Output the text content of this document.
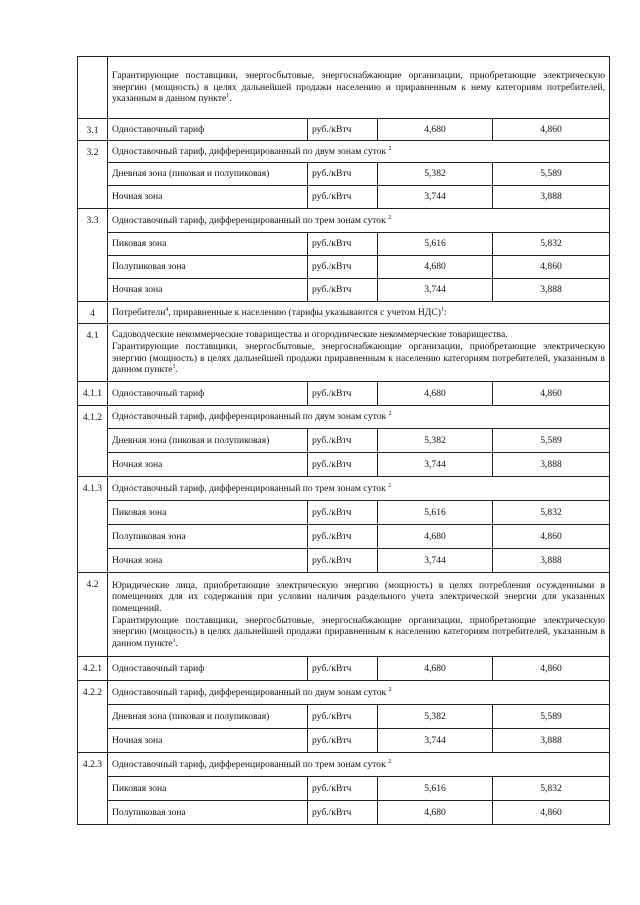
	Гарантирующие поставщики, энергосбытовые, энергоснабжающие организации, приобретающие электрическую энергию (мощность) в целях дальнейшей продажи населению и приравненным к нему категориям потребителей, указанным в данном пункте$^1$.			
3.1	Одноставочный тариф	руб./кВтч	4,680	4,860
3.2	Одноставочный тариф, дифференцированный по двум зонам суток $^2$
	Дневная зона (пиковая и полупиковая)	руб./кВтч	5,382	5,589
	Ночная зона	руб./кВтч	3,744	3,888
3.3	Одноставочный тариф, дифференцированный по трем зонам суток $^2$
	Пиковая зона	руб./кВтч	5,616	5,832
	Полупиковая зона	руб./кВтч	4,680	4,860
	Ночная зона	руб./кВтч	3,744	3,888
4	Потребители$^4$, приравненные к населению (тарифы указываются с учетом НДС)$^1$:			
4.1	Садоводческие некоммерческие товарищества и огороднические некоммерческие товарищества.
Гарантирующие поставщики, энергосбытовые, энергоснабжающие организации, приобретающие электрическую энергию (мощность) в целях дальнейшей продажи приравненным к населению категориям потребителей, указанным в данном пункте$^1$.			
4.1.1	Одноставочный тариф	руб./кВтч	4,680	4,860
4.1.2	Одноставочный тариф, дифференцированный по двум зонам суток $^2$
	Дневная зона (пиковая и полупиковая)	руб./кВтч	5,382	5,589
	Ночная зона	руб./кВтч	3,744	3,888
4.1.3	Одноставочный тариф, дифференцированный по трем зонам суток $^2$
	Пиковая зона	руб./кВтч	5,616	5,832
	Полупиковая зона	руб./кВтч	4,680	4,860
	Ночная зона	руб./кВтч	3,744	3,888
4.2	Юридические лица, приобретающие электрическую энергию (мощность) в целях потребления осужденными в помещениях для их содержания при условии наличия раздельного учета электрической энергии для указанных помещений.
Гарантирующие поставщики, энергосбытовые, энергоснабжающие организации, приобретающие электрическую энергию (мощность) в целях дальнейшей продажи приравненным к населению категориям потребителей, указанным в данном пункте$^1$.			
4.2.1	Одноставочный тариф	руб./кВтч	4,680	4,860
4.2.2	Одноставочный тариф, дифференцированный по двум зонам суток $^2$
	Дневная зона (пиковая и полупиковая)	руб./кВтч	5,382	5,589
	Ночная зона	руб./кВтч	3,744	3,888
4.2.3	Одноставочный тариф, дифференцированный по трем зонам суток $^2$
	Пиковая зона	руб./кВтч	5,616	5,832
	Полупиковая зона	руб./кВтч	4,680	4,860
